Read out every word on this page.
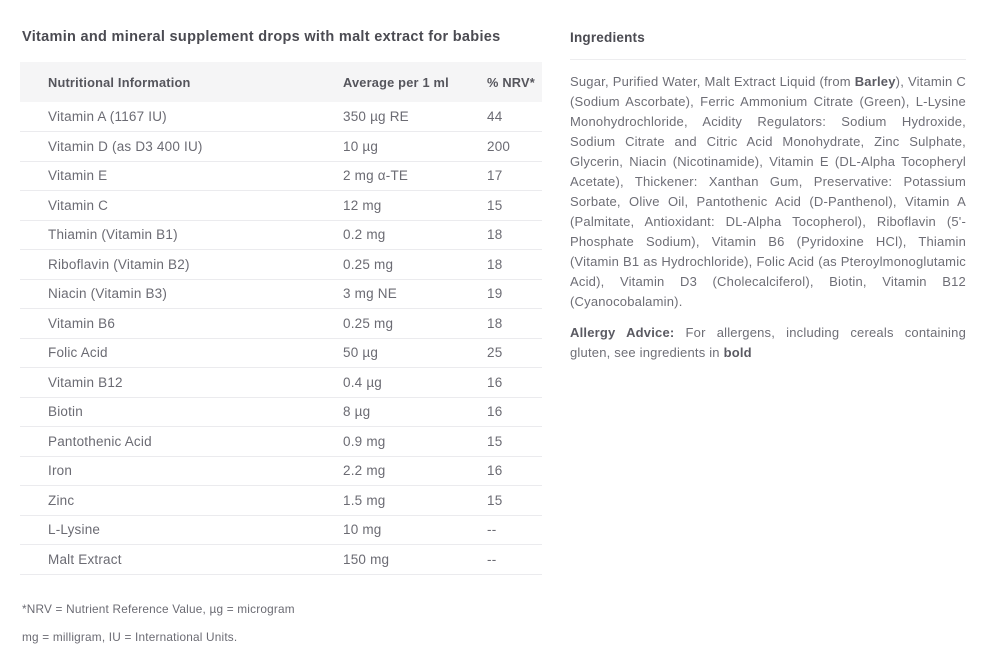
Vitamin and mineral supplement drops with malt extract for babies
Nutritional Information	Average per 1 ml	% NRV*
Vitamin A (1167 IU)	350 µg RE	44
Vitamin D (as D3 400 IU)	10 µg	200
Vitamin E	2 mg α-TE	17
Vitamin C	12 mg	15
Thiamin (Vitamin B1)	0.2 mg	18
Riboflavin (Vitamin B2)	0.25 mg	18
Niacin (Vitamin B3)	3 mg NE	19
Vitamin B6	0.25 mg	18
Folic Acid	50 µg	25
Vitamin B12	0.4 µg	16
Biotin	8 µg	16
Pantothenic Acid	0.9 mg	15
Iron	2.2 mg	16
Zinc	1.5 mg	15
L-Lysine	10 mg	--
Malt Extract	150 mg	--

*NRV = Nutrient Reference Value, µg = microgram

mg = milligram, IU = International Units.

Ingredients

Sugar, Purified Water, Malt Extract Liquid (from Barley), Vitamin C (Sodium Ascorbate), Ferric Ammonium Citrate (Green), L-Lysine Monohydrochloride, Acidity Regulators: Sodium Hydroxide, Sodium Citrate and Citric Acid Monohydrate, Zinc Sulphate, Glycerin, Niacin (Nicotinamide), Vitamin E (DL-Alpha Tocopheryl Acetate), Thickener: Xanthan Gum, Preservative: Potassium Sorbate, Olive Oil, Pantothenic Acid (D-Panthenol), Vitamin A (Palmitate, Antioxidant: DL-Alpha Tocopherol), Riboflavin (5'-Phosphate Sodium), Vitamin B6 (Pyridoxine HCl), Thiamin (Vitamin B1 as Hydrochloride), Folic Acid (as Pteroylmonoglutamic Acid), Vitamin D3 (Cholecalciferol), Biotin, Vitamin B12 (Cyanocobalamin).

Allergy Advice: For allergens, including cereals containing gluten, see ingredients in bold
